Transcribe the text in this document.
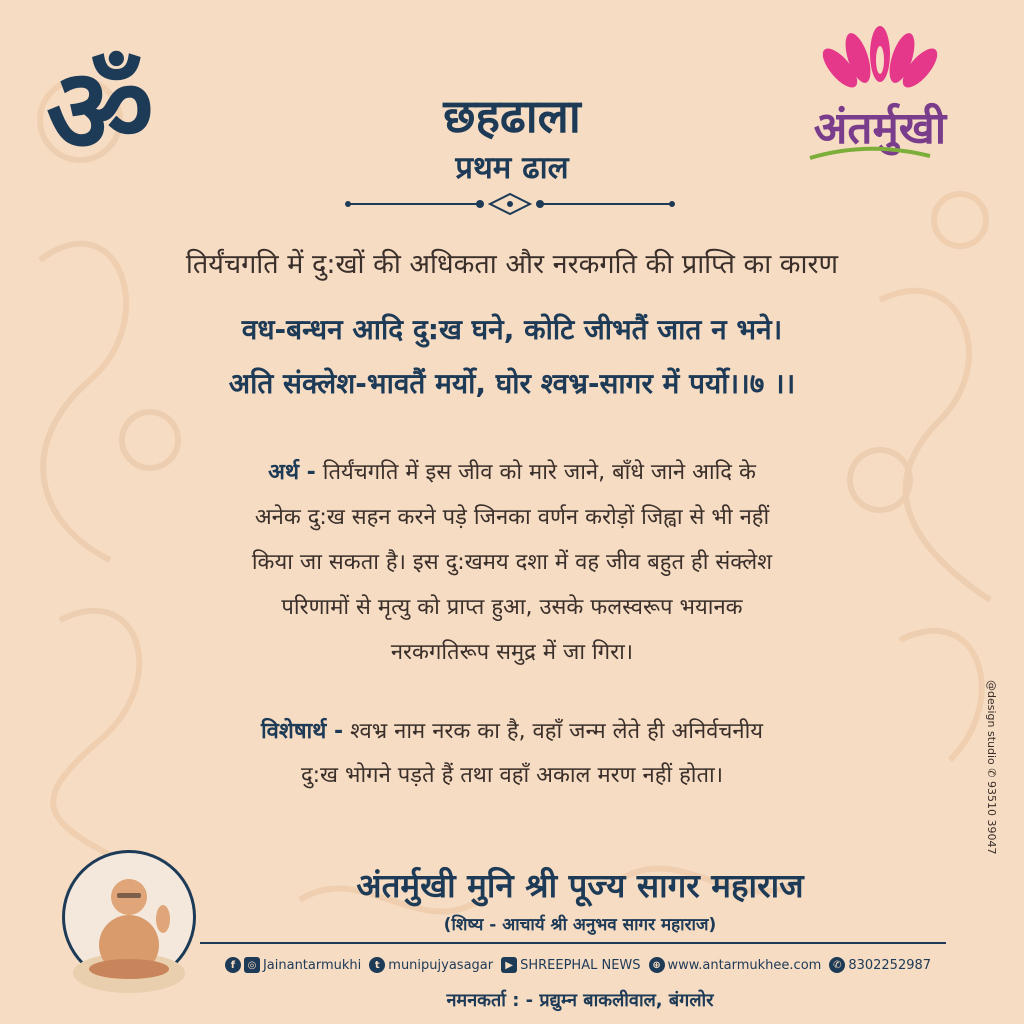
ॐ	अंतर्मुखी
छहढाला
प्रथम ढाल
तिर्यंचगति में दु:खों की अधिकता और नरकगति की प्राप्ति का कारण
वध-बन्धन आदि दु:ख घने, कोटि जीभतैं जात न भने।
अति संक्लेश-भावतैं मर्यो, घोर श्वभ्र-सागर में पर्यो।।७ ।।

अर्थ - तिर्यंचगति में इस जीव को मारे जाने, बाँधे जाने आदि के

अनेक दु:ख सहन करने पड़े जिनका वर्णन करोड़ों जिह्वा से भी नहीं

किया जा सकता है। इस दु:खमय दशा में वह जीव बहुत ही संक्लेश

परिणामों से मृत्यु को प्राप्त हुआ, उसके फलस्वरूप भयानक

नरकगतिरूप समुद्र में जा गिरा।

विशेषार्थ - श्वभ्र नाम नरक का है, वहाँ जन्म लेते ही अनिर्वचनीय

दु:ख भोगने पड़ते हैं तथा वहाँ अकाल मरण नहीं होता।	@design studio ✆ 93510 39047
अंतर्मुखी मुनि श्री पूज्य सागर महाराज
(शिष्य - आचार्य श्री अनुभव सागर महाराज)
f	◎ Jainantarmukhi	t munipujyasagar	▶ SHREEPHAL NEWS	⊕ www.antarmukhee.com	✆ 8302252987
नमनकर्ता : - प्रद्युम्न बाकलीवाल, बंगलोर
